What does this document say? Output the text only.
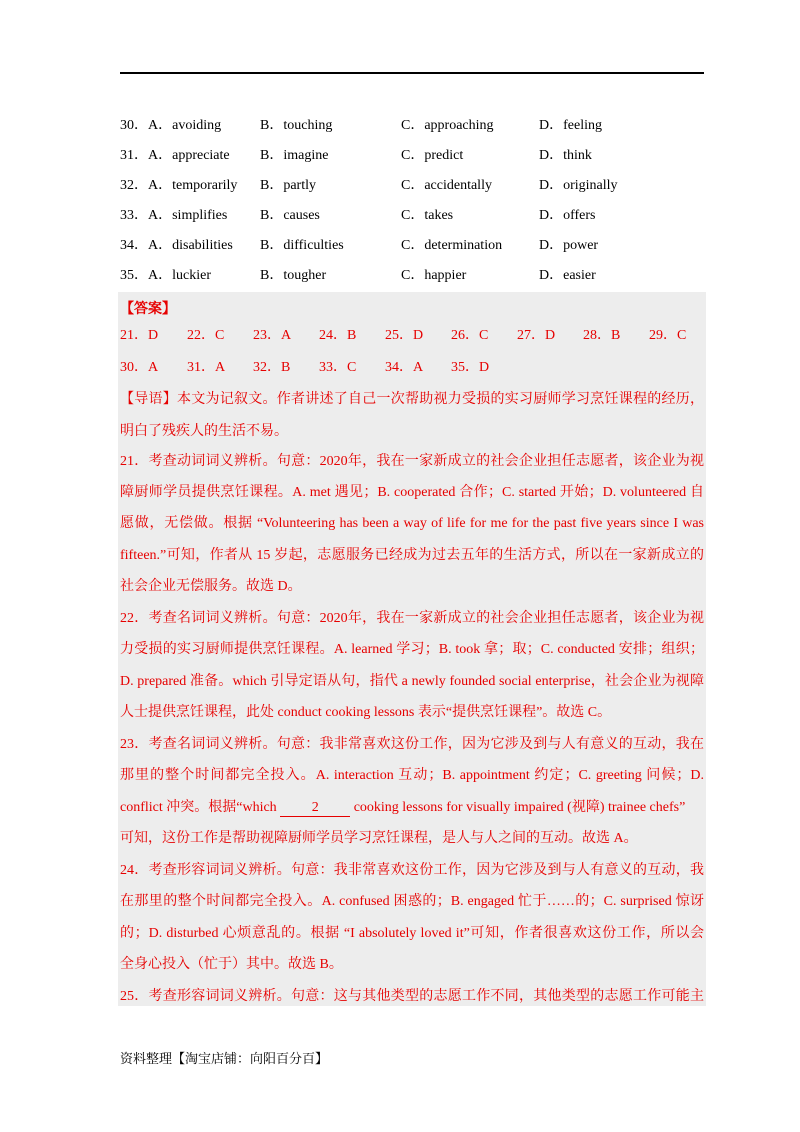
30．A．avoiding	B．touching	C．approaching	D．feeling
31．A．appreciate B．imagine	C．predict	D．think
32．A．temporarily B．partly	C．accidentally	D．originally
33．A．simplifies B．causes	C．takes	D．offers
34．A．disabilities B．difficulties	C．determination	D．power
35．A．luckier	B．tougher	C．happier	D．easier
【答案】
21．D 22．C 23．A 24．B 25．D 26．C 27．D 28．B 29．C
30．A 31．A 32．B 33．C 34．A 35．D
【导语】本文为记叙文。作者讲述了自己一次帮助视力受损的实习厨师学习烹饪课程的经历，
明白了残疾人的生活不易。
21．考查动词词义辨析。句意：2020年，我在一家新成立的社会企业担任志愿者，该企业为视
障厨师学员提供烹饪课程。A. met 遇见；B. cooperated 合作；C. started 开始；D. volunteered 自
愿做，无偿做。根据 “Volunteering has been a way of life for me for the past five years since I was
fifteen.”可知，作者从 15 岁起，志愿服务已经成为过去五年的生活方式，所以在一家新成立的
社会企业无偿服务。故选 D。
22．考查名词词义辨析。句意：2020年，我在一家新成立的社会企业担任志愿者，该企业为视
力受损的实习厨师提供烹饪课程。A. learned 学习；B. took 拿；取；C. conducted 安排；组织；
D. prepared 准备。which 引导定语从句，指代 a newly founded social enterprise，社会企业为视障
人士提供烹饪课程，此处 conduct cooking lessons 表示“提供烹饪课程”。故选 C。
23．考查名词词义辨析。句意：我非常喜欢这份工作，因为它涉及到与人有意义的互动，我在
那里的整个时间都完全投入。A. interaction 互动；B. appointment 约定；C. greeting 问候；D.
conflict 冲突。根据“which 2 cooking lessons for visually impaired (视障) trainee chefs”
可知，这份工作是帮助视障厨师学员学习烹饪课程，是人与人之间的互动。故选 A。
24．考查形容词词义辨析。句意：我非常喜欢这份工作，因为它涉及到与人有意义的互动，我
在那里的整个时间都完全投入。A. confused 困惑的；B. engaged 忙于……的；C. surprised 惊讶
的；D. disturbed 心烦意乱的。根据 “I absolutely loved it”可知，作者很喜欢这份工作，所以会
全身心投入（忙于）其中。故选 B。
25．考查形容词词义辨析。句意：这与其他类型的志愿工作不同，其他类型的志愿工作可能主
资料整理【淘宝店铺：向阳百分百】
